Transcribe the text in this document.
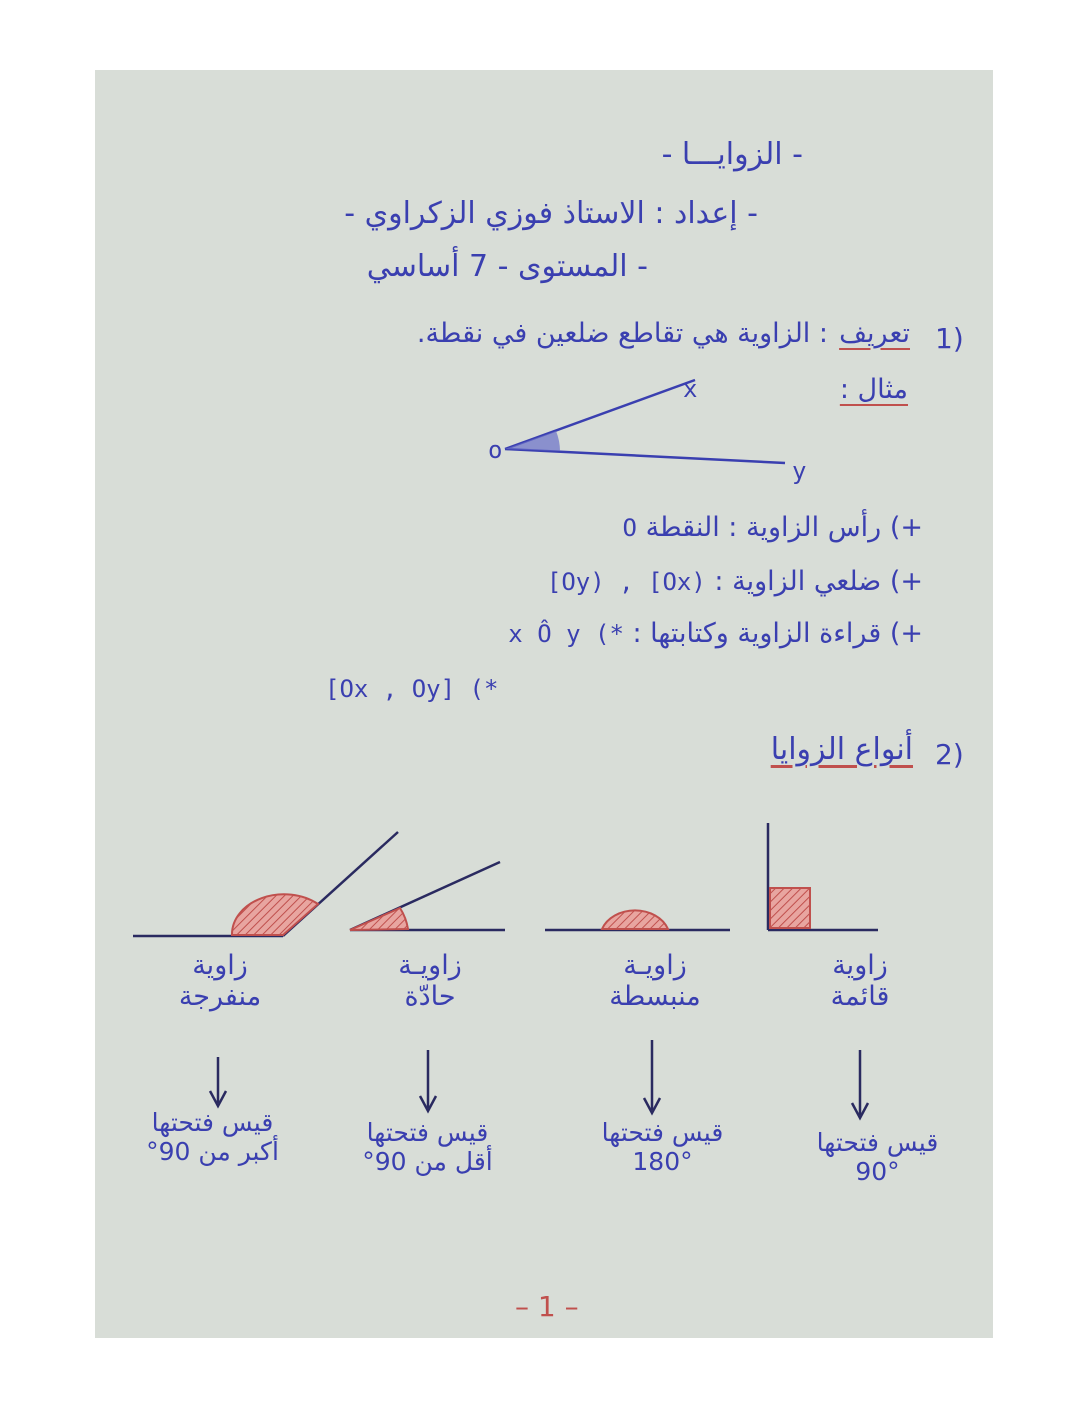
- الزوايـــا -
- إعداد : الاستاذ فوزي الزكراوي -
- المستوى - 7 أساسي
1)
تعريف
: الزاوية هي تقاطع ضلعين في نقطة.
مثال :
o
x
y
+) رأس الزاوية : النقطة O
+) ضلعي الزاوية : [Oy) , [Ox)
+) قراءة الزاوية وكتابتها : x Ô y (*
[Ox , Oy] (*
2)
أنواع الزوايا
زاوية
قائمة
زاويـة
منبسطة
زاويـة
حادّة
زاوية
منفرجة
قيس فتحتها
90°
قيس فتحتها
180°
قيس فتحتها
أقل من 90°
قيس فتحتها
أكبر من 90°
– 1 –
